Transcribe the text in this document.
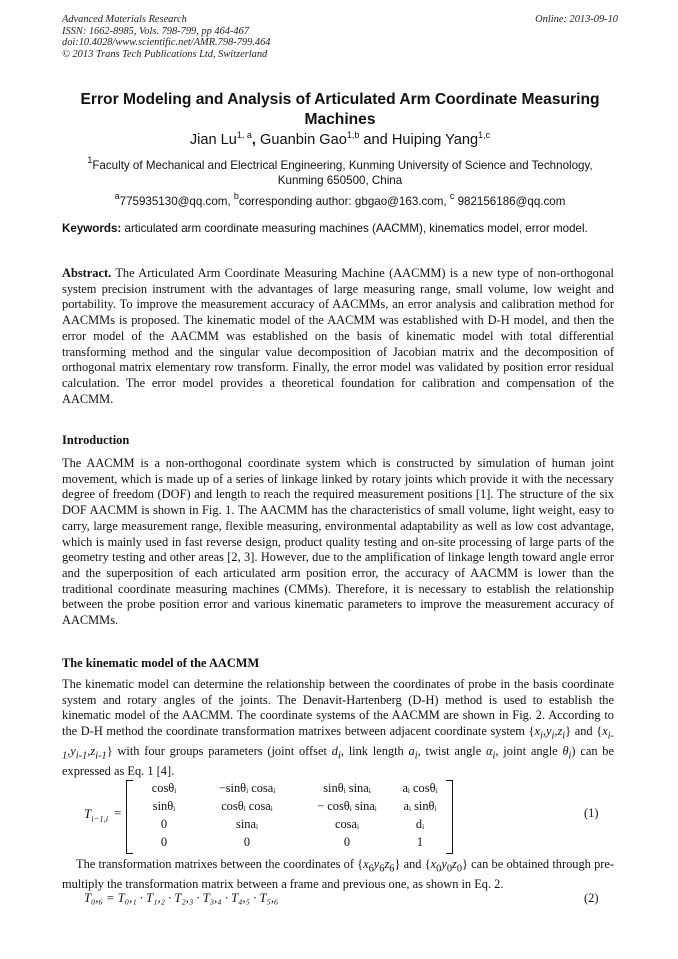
Advanced Materials Research
ISSN: 1662-8985, Vols. 798-799, pp 464-467
doi:10.4028/www.scientific.net/AMR.798-799.464
© 2013 Trans Tech Publications Ltd, Switzerland
Online: 2013-09-10
Error Modeling and Analysis of Articulated Arm Coordinate Measuring Machines
Jian Lu$^{1, a}$, Guanbin Gao$^{1,b}$ and Huiping Yang$^{1,c}$
$^1$Faculty of Mechanical and Electrical Engineering, Kunming University of Science and Technology,
Kunming 650500, China
$^a$775935130@qq.com, $^b$corresponding author: gbgao@163.com, $^c$ 982156186@qq.com
Keywords: articulated arm coordinate measuring machines (AACMM), kinematics model, error model.

Abstract. The Articulated Arm Coordinate Measuring Machine (AACMM) is a new type of non-orthogonal system precision instrument with the advantages of large measuring range, small volume, low weight and portability. To improve the measurement accuracy of AACMMs, an error analysis and calibration method for AACMMs is proposed. The kinematic model of the AACMM was established with D-H model, and then the error model of the AACMM was established on the basis of kinematic model with total differential transforming method and the singular value decomposition of Jacobian matrix and the decomposition of orthogonal matrix elementary row transform. Finally, the error model was validated by position error residual calculation. The error model provides a theoretical foundation for calibration and compensation of the AACMM.

Introduction

The AACMM is a non-orthogonal coordinate system which is constructed by simulation of human joint movement, which is made up of a series of linkage linked by rotary joints which provide it with the necessary degree of freedom (DOF) and length to reach the required measurement positions [1]. The structure of the six DOF AACMM is shown in Fig. 1. The AACMM has the characteristics of small volume, light weight, easy to carry, large measurement range, flexible measuring, environmental adaptability as well as low cost advantage, which is mainly used in fast reverse design, product quality testing and on-site processing of large parts of the geometry testing and other areas [2, 3]. However, due to the amplification of linkage length toward angle error and the superposition of each articulated arm position error, the accuracy of AACMM is lower than the traditional coordinate measuring machines (CMMs). Therefore, it is necessary to establish the relationship between the probe position error and various kinematic parameters to improve the measurement accuracy of AACMMs.

The kinematic model of the AACMM

The kinematic model can determine the relationship between the coordinates of probe in the basis coordinate system and rotary angles of the joints. The Denavit-Hartenberg (D-H) method is used to establish the kinematic model of the AACMM. The coordinate systems of the AACMM are shown in Fig. 2. According to the D-H method the coordinate transformation matrixes between adjacent coordinate system $\{x_i,y_i,z_i\}$ and $\{x_{i-1},y_{i-1},z_{i-1}\}$ with four groups parameters (joint offset $d_i$, link length $a_i$, twist angle $\alpha_i$, joint angle $\theta_i$) can be expressed as Eq. 1 [4].

$T_{i-1,i}$ =
cosθᵢ	−sinθᵢ cosaᵢ	sinθᵢ sinaᵢ	aᵢ cosθᵢ
sinθᵢ	cosθᵢ cosaᵢ	− cosθᵢ sinaᵢ	aᵢ sinθᵢ
0	sinaᵢ	cosaᵢ	dᵢ
0	0	0	1
(1)

The transformation matrixes between the coordinates of $\{x_6y_6z_6\}$ and $\{x_0y_0z_0\}$ can be obtained through pre-multiply the transformation matrix between a frame and previous one, as shown in Eq. 2.

T₀,₆ = T₀,₁ · T₁,₂ · T₂,₃ · T₃,₄ · T₄,₅ · T₅,₆	(2)
